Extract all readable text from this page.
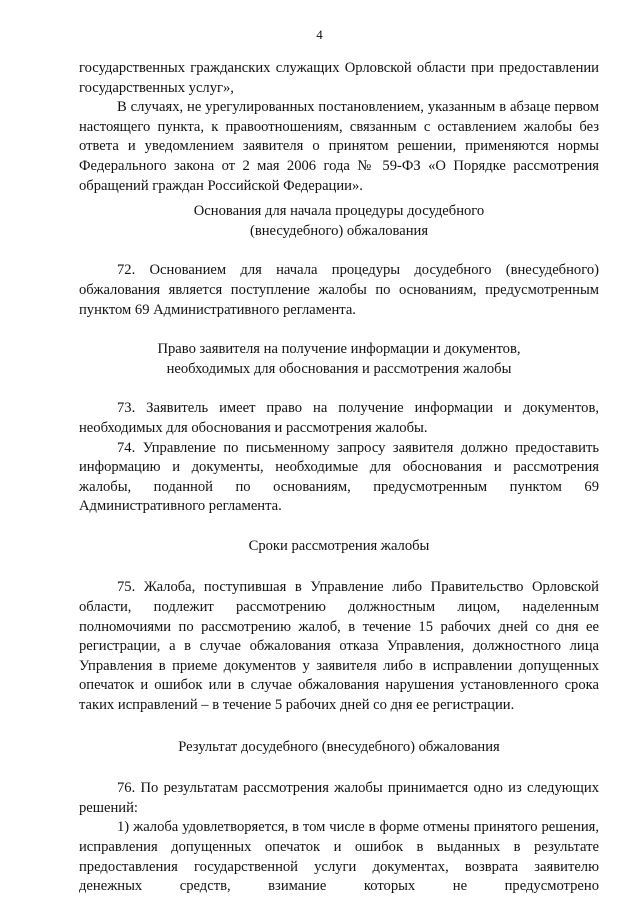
4

государственных гражданских служащих Орловской области при предоставлении государственных услуг»,

В случаях, не урегулированных постановлением, указанным в абзаце первом настоящего пункта, к правоотношениям, связанным с оставлением жалобы без ответа и уведомлением заявителя о принятом решении, применяются нормы Федерального закона от 2 мая 2006 года № 59-ФЗ «О Порядке рассмотрения обращений граждан Российской Федерации».

Основания для начала процедуры досудебного
(внесудебного) обжалования

72. Основанием для начала процедуры досудебного (внесудебного) обжалования является поступление жалобы по основаниям, предусмотренным пунктом 69 Административного регламента.

Право заявителя на получение информации и документов,
необходимых для обоснования и рассмотрения жалобы

73. Заявитель имеет право на получение информации и документов, необходимых для обоснования и рассмотрения жалобы.

74. Управление по письменному запросу заявителя должно предоставить информацию и документы, необходимые для обоснования и рассмотрения жалобы, поданной по основаниям, предусмотренным пунктом 69 Административного регламента.

Сроки рассмотрения жалобы

75. Жалоба, поступившая в Управление либо Правительство Орловской области, подлежит рассмотрению должностным лицом, наделенным полномочиями по рассмотрению жалоб, в течение 15 рабочих дней со дня ее регистрации, а в случае обжалования отказа Управления, должностного лица Управления в приеме документов у заявителя либо в исправлении допущенных опечаток и ошибок или в случае обжалования нарушения установленного срока таких исправлений – в течение 5 рабочих дней со дня ее регистрации.

Результат досудебного (внесудебного) обжалования

76. По результатам рассмотрения жалобы принимается одно из следующих решений:

1) жалоба удовлетворяется, в том числе в форме отмены принятого решения, исправления допущенных опечаток и ошибок в выданных в результате предоставления государственной услуги документах, возврата заявителю денежных средств, взимание которых не предусмотрено
